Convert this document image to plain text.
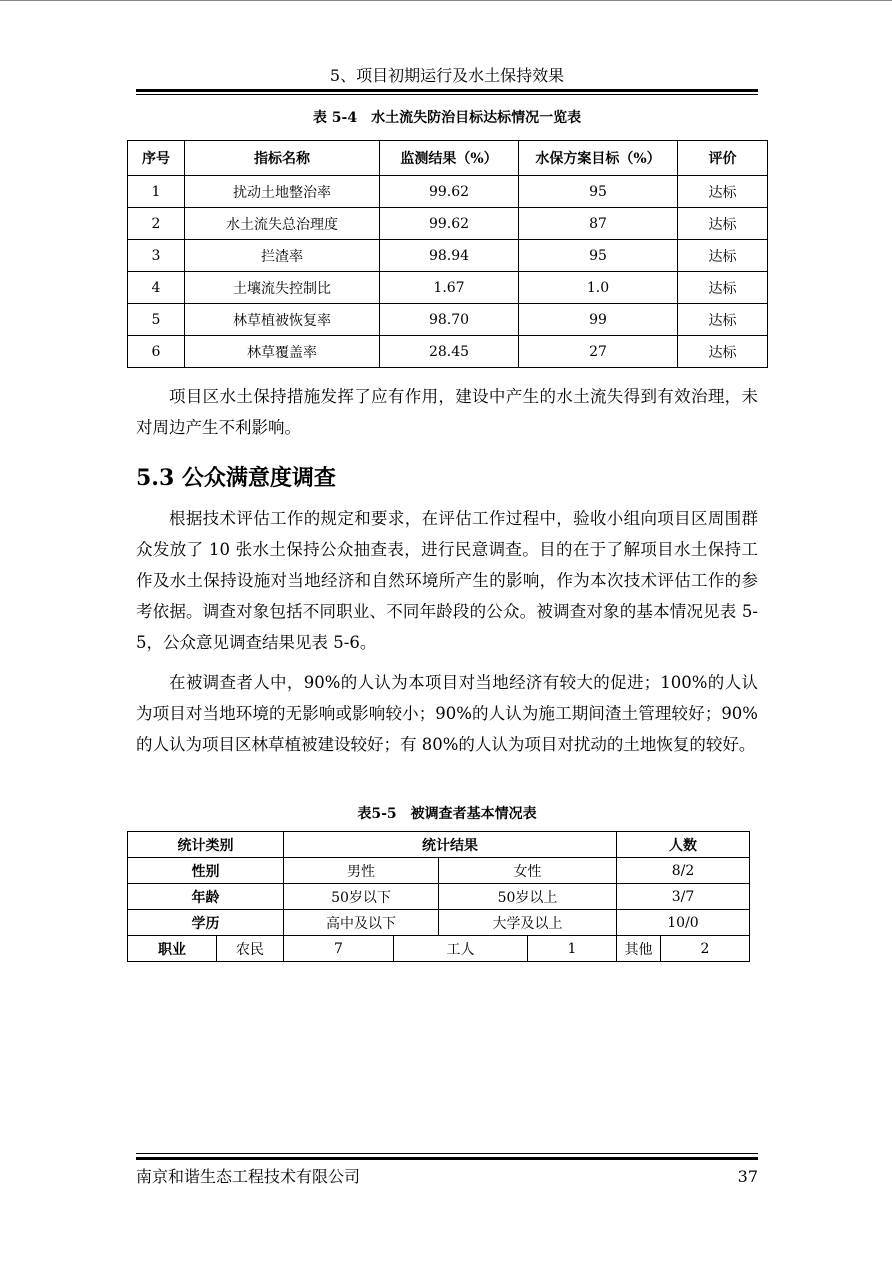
5、项目初期运行及水土保持效果
表 5-4　水土流失防治目标达标情况一览表
序号	指标名称	监测结果（%）	水保方案目标（%）	评价
1	扰动土地整治率	99.62	95	达标
2	水土流失总治理度	99.62	87	达标
3	拦渣率	98.94	95	达标
4	土壤流失控制比	1.67	1.0	达标
5	林草植被恢复率	98.70	99	达标
6	林草覆盖率	28.45	27	达标

项目区水土保持措施发挥了应有作用，建设中产生的水土流失得到有效治理，未对周边产生不利影响。

5.3 公众满意度调查

根据技术评估工作的规定和要求，在评估工作过程中，验收小组向项目区周围群众发放了 10 张水土保持公众抽查表，进行民意调查。目的在于了解项目水土保持工作及水土保持设施对当地经济和自然环境所产生的影响，作为本次技术评估工作的参考依据。调查对象包括不同职业、不同年龄段的公众。被调查对象的基本情况见表 5-5，公众意见调查结果见表 5-6。

在被调查者人中，90%的人认为本项目对当地经济有较大的促进；100%的人认为项目对当地环境的无影响或影响较小；90%的人认为施工期间渣土管理较好；90%的人认为项目区林草植被建设较好；有 80%的人认为项目对扰动的土地恢复的较好。

表5-5　被调查者基本情况表
统计类别		统计结果				人数	
性别		男性		女性		8/2	
年龄		50岁以下		50岁以上		3/7	
学历		高中及以下		大学及以上		10/0	
职业	农民	7	工人		1	其他	2
南京和谐生态工程技术有限公司	37
